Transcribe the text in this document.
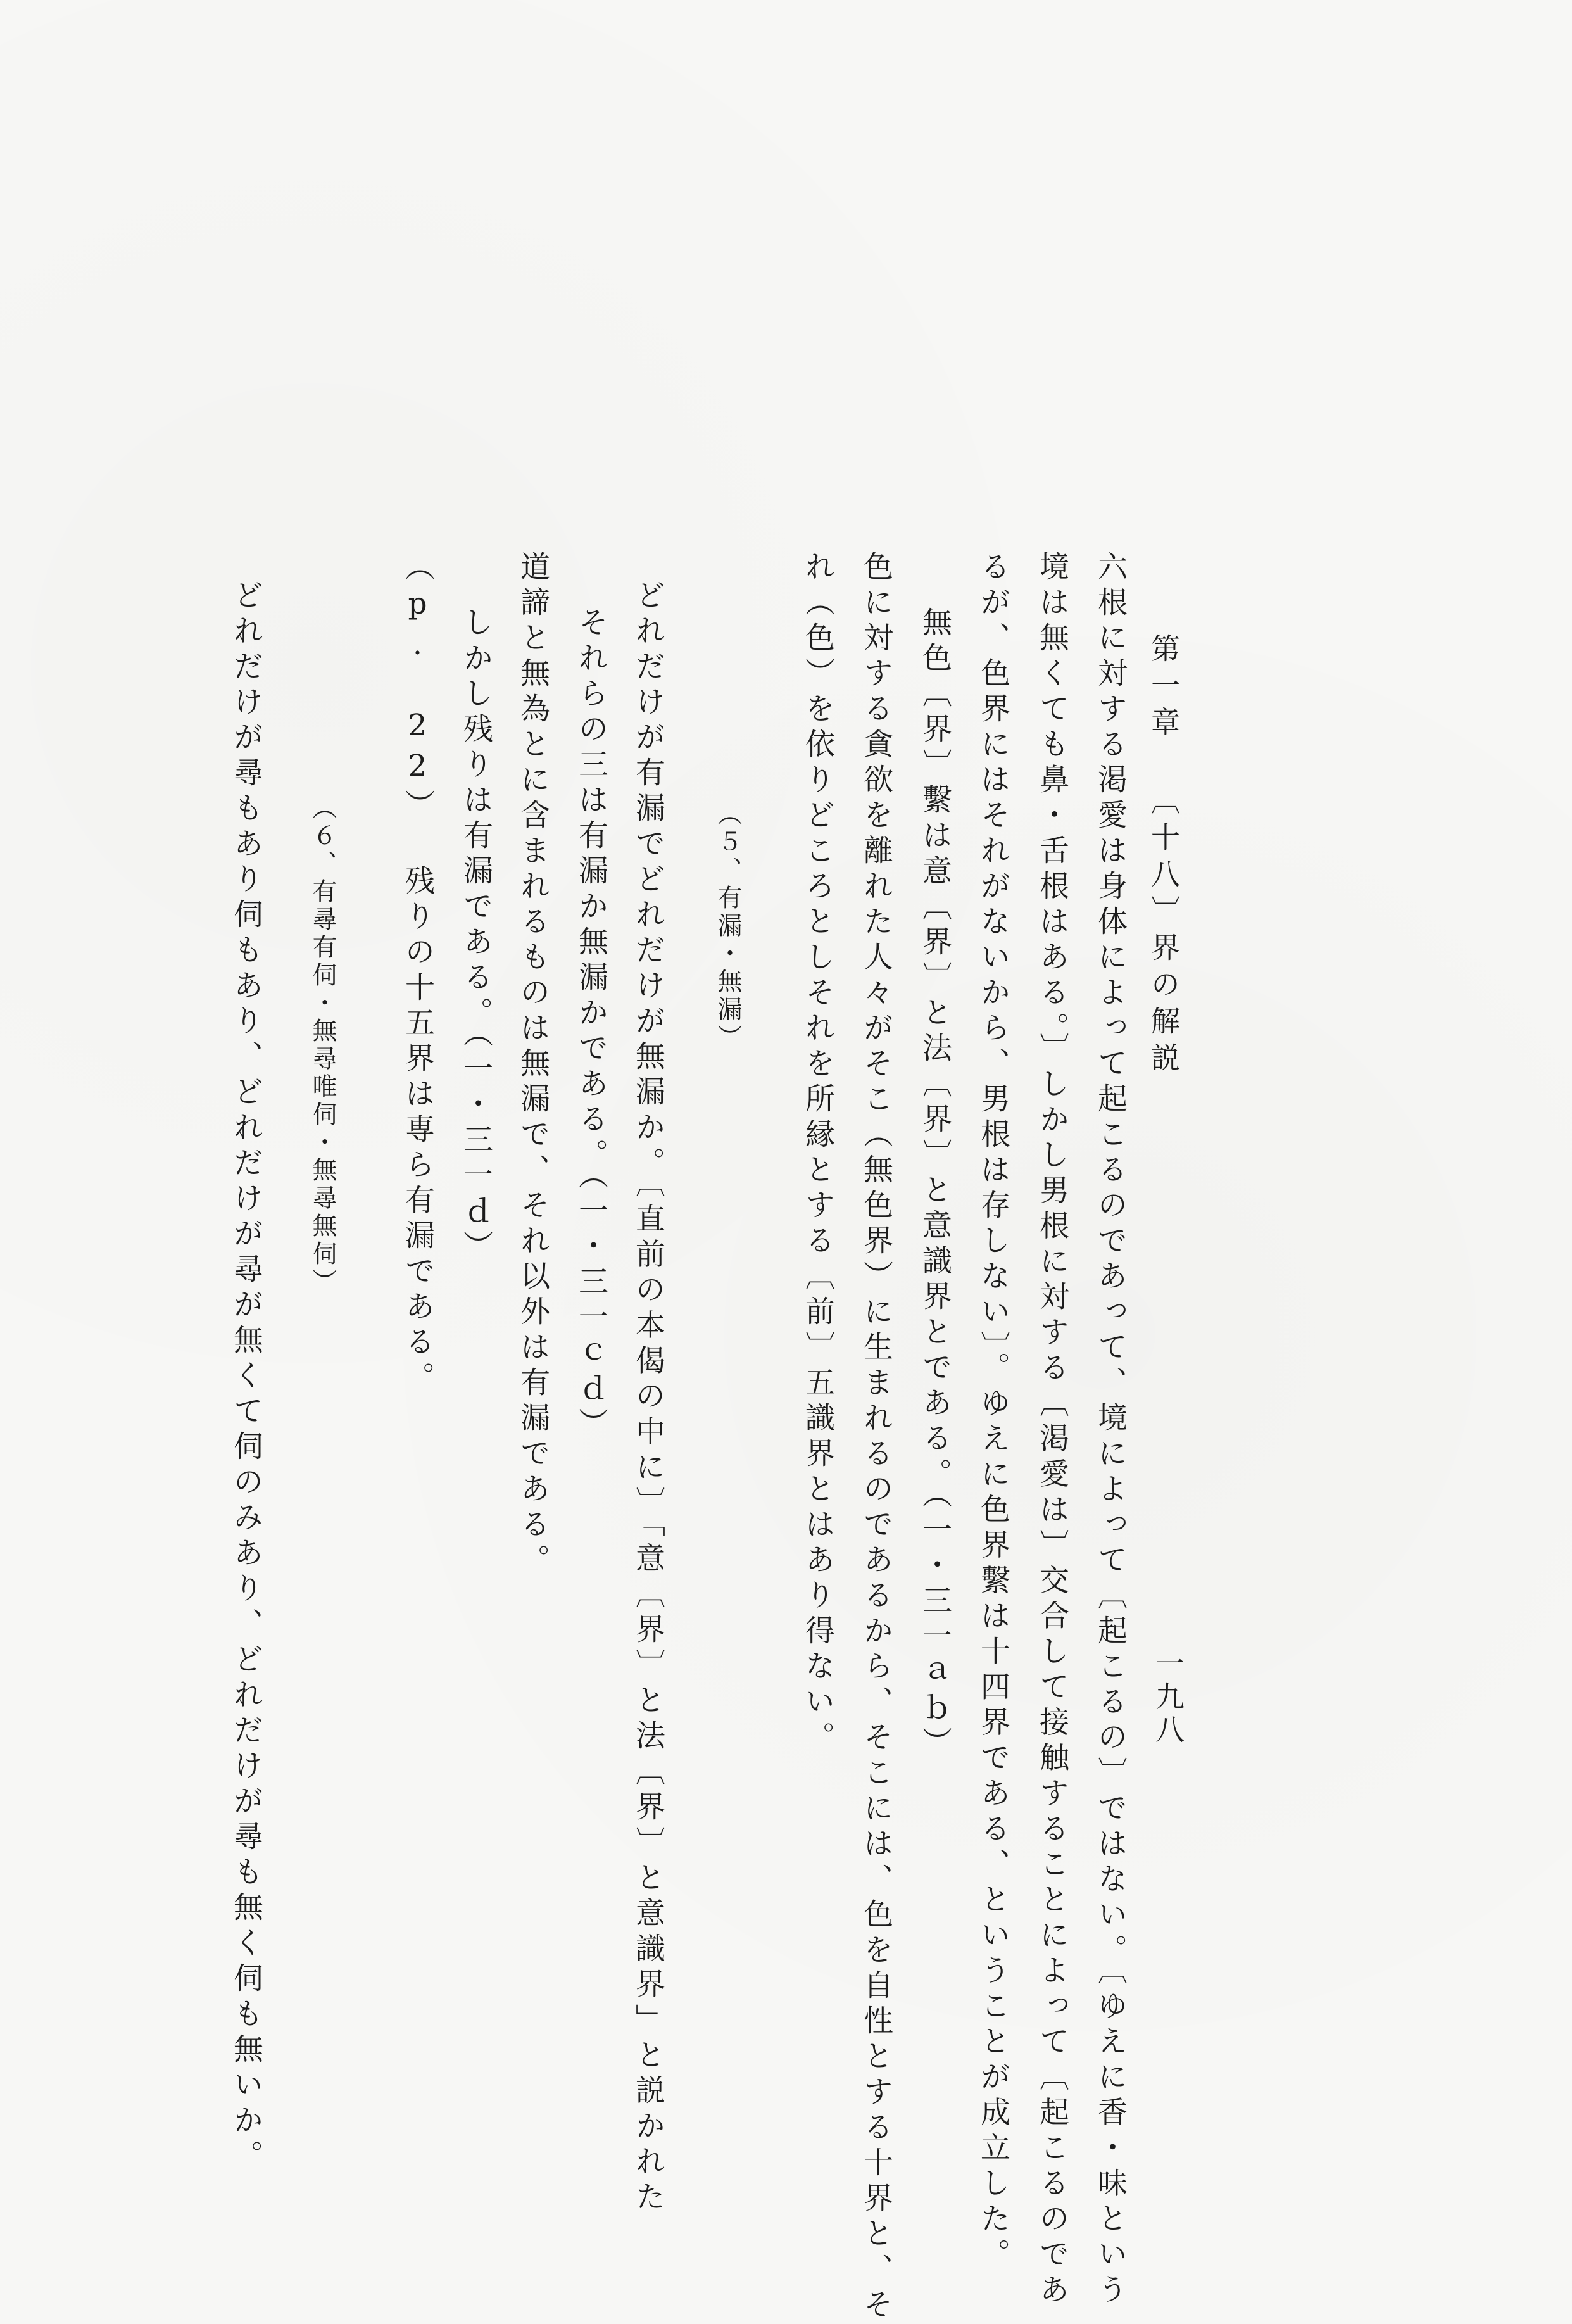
第一章 〔十八〕界の解説
一九八
六根に対する渇愛は身体によって起こるのであって、境によって〔起こるの〕ではない。〔ゆえに香・味という
境は無くても鼻・舌根はある。〕しかし男根に対する〔渇愛は〕交合して接触することによって〔起こるのであ
るが、色界にはそれがないから、男根は存しない〕。ゆえに色界繫は十四界である、ということが成立した。
無色〔界〕繫は意〔界〕と法〔界〕と意識界とである。（一・三一ａｂ）
色に対する貪欲を離れた人々がそこ（無色界）に生まれるのであるから、そこには、色を自性とする十界と、そ
れ（色）を依りどころとしそれを所縁とする〔前〕五識界とはあり得ない。
（５、有漏・無漏）
どれだけが有漏でどれだけが無漏か。〔直前の本偈の中に〕「意〔界〕と法〔界〕と意識界」と説かれた
それらの三は有漏か無漏かである。（一・三一ｃｄ）
道諦と無為とに含まれるものは無漏で、それ以外は有漏である。
しかし残りは有漏である。（一・三一ｄ）
（p. 22） 残りの十五界は専ら有漏である。
（６、有尋有伺・無尋唯伺・無尋無伺）
どれだけが尋もあり伺もあり、どれだけが尋が無くて伺のみあり、どれだけが尋も無く伺も無いか。
